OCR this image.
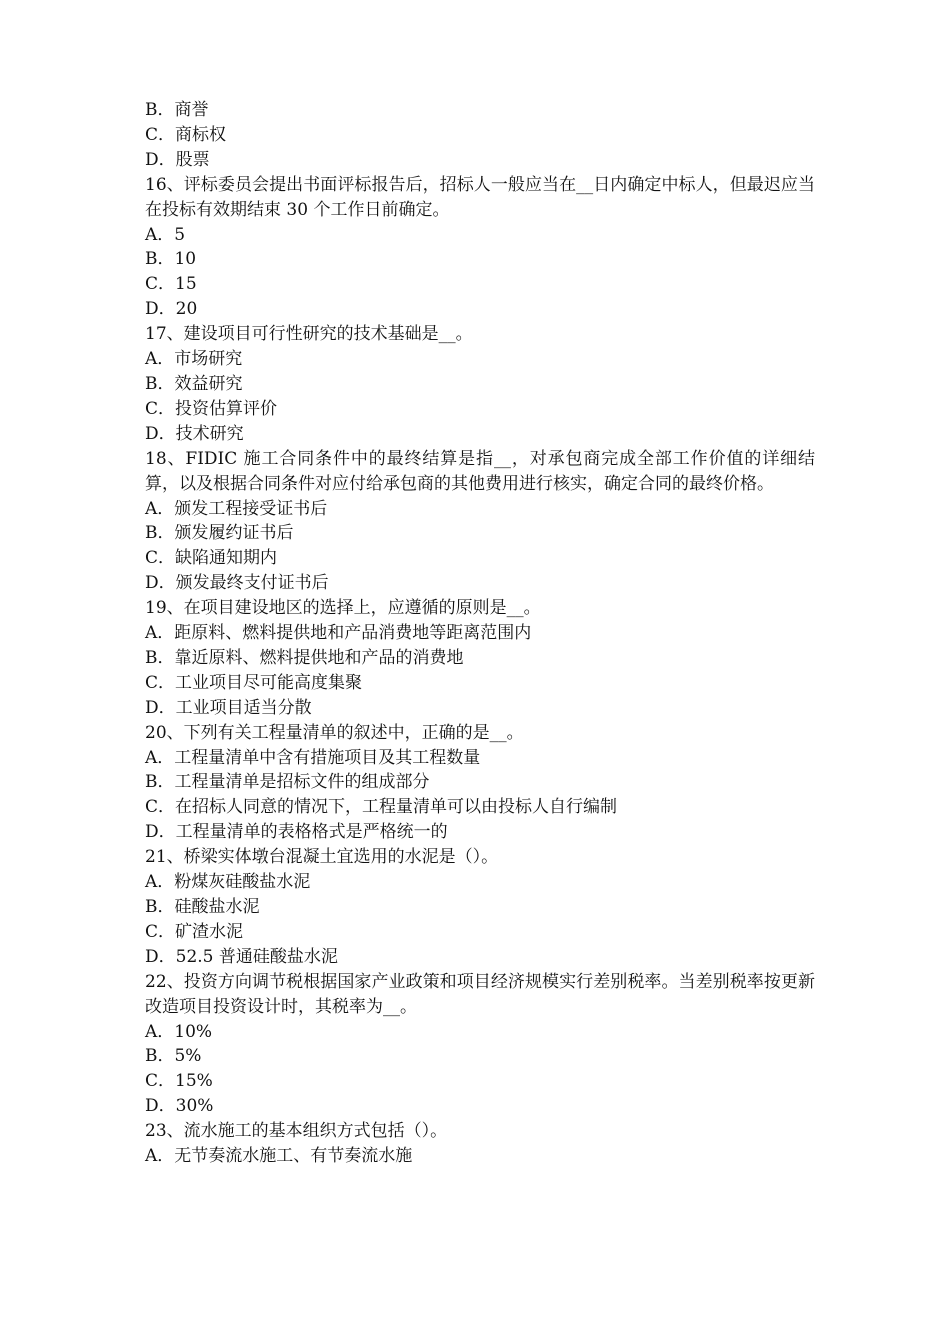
B．商誉
C．商标权
D．股票
16、评标委员会提出书面评标报告后，招标人一般应当在__日内确定中标人，但最迟应当在投标有效期结束 30 个工作日前确定。
A．5
B．10
C．15
D．20
17、建设项目可行性研究的技术基础是__。
A．市场研究
B．效益研究
C．投资估算评价
D．技术研究
18、FIDIC 施工合同条件中的最终结算是指__，对承包商完成全部工作价值的详细结算，以及根据合同条件对应付给承包商的其他费用进行核实，确定合同的最终价格。
A．颁发工程接受证书后
B．颁发履约证书后
C．缺陷通知期内
D．颁发最终支付证书后
19、在项目建设地区的选择上，应遵循的原则是__。
A．距原料、燃料提供地和产品消费地等距离范围内
B．靠近原料、燃料提供地和产品的消费地
C．工业项目尽可能高度集聚
D．工业项目适当分散
20、下列有关工程量清单的叙述中，正确的是__。
A．工程量清单中含有措施项目及其工程数量
B．工程量清单是招标文件的组成部分
C．在招标人同意的情况下，工程量清单可以由投标人自行编制
D．工程量清单的表格格式是严格统一的
21、桥梁实体墩台混凝土宜选用的水泥是（）。
A．粉煤灰硅酸盐水泥
B．硅酸盐水泥
C．矿渣水泥
D．52.5 普通硅酸盐水泥
22、投资方向调节税根据国家产业政策和项目经济规模实行差别税率。当差别税率按更新改造项目投资设计时，其税率为__。
A．10%
B．5%
C．15%
D．30%
23、流水施工的基本组织方式包括（）。
A．无节奏流水施工、有节奏流水施
